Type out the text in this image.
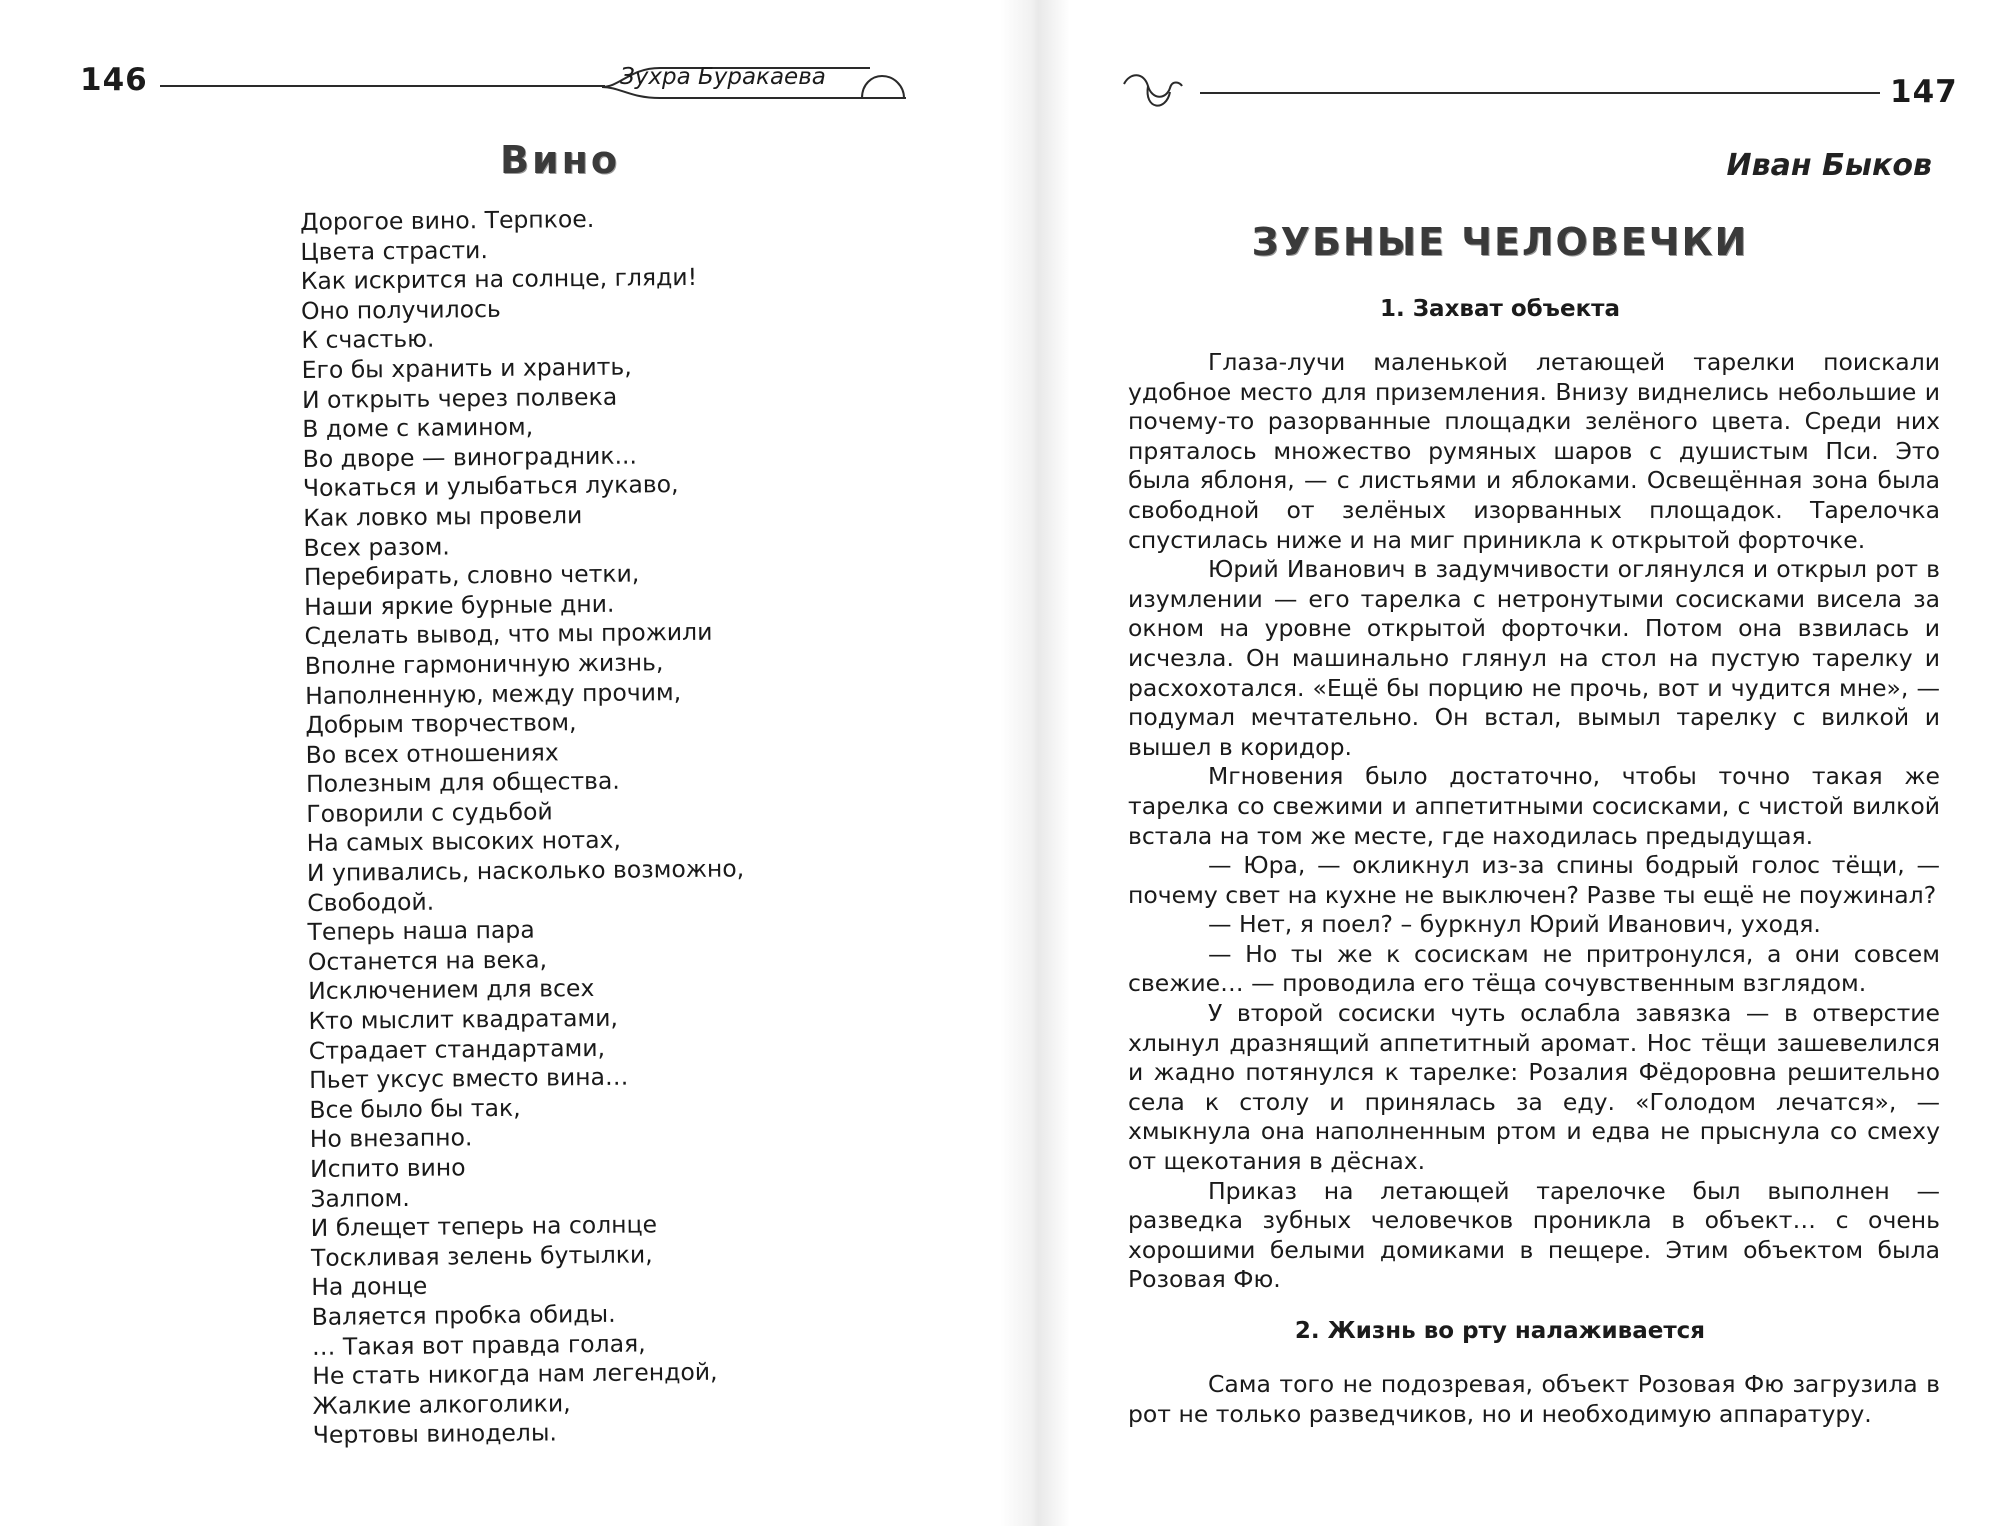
146	Зухра Буракаева
Вино
Дорогое вино. Терпкое.
Цвета страсти.
Как искрится на солнце, гляди!
Оно получилось
К счастью.
Его бы хранить и хранить,
И открыть через полвека
В доме с камином,
Во дворе — виноградник...
Чокаться и улыбаться лукаво,
Как ловко мы провели
Всех разом.
Перебирать, словно четки,
Наши яркие бурные дни.
Сделать вывод, что мы прожили
Вполне гармоничную жизнь,
Наполненную, между прочим,
Добрым творчеством,
Во всех отношениях
Полезным для общества.
Говорили с судьбой
На самых высоких нотах,
И упивались, насколько возможно,
Свободой.
Теперь наша пара
Останется на века,
Исключением для всех
Кто мыслит квадратами,
Страдает стандартами,
Пьет уксус вместо вина…
Все было бы так,
Но внезапно.
Испито вино
Залпом.
И блещет теперь на солнце
Тоскливая зелень бутылки,
На донце
Валяется пробка обиды.
… Такая вот правда голая,
Не стать никогда нам легендой,
Жалкие алкоголики,
Чертовы виноделы.
147
Иван Быков
ЗУБНЫЕ ЧЕЛОВЕЧКИ
1. Захват объекта

Глаза-лучи маленькой летающей тарелки поискали удобное место для приземления. Внизу виднелись небольшие и почему-то разорванные площадки зелёного цвета. Среди них пряталось множество румяных шаров с душистым Пси. Это была яблоня, — с листьями и яблоками. Освещённая зона была свободной от зелёных изорванных площадок. Тарелочка спустилась ниже и на миг приникла к открытой форточке.

Юрий Иванович в задумчивости оглянулся и открыл рот в изумлении — его тарелка с нетронутыми сосисками висела за окном на уровне открытой форточки. Потом она взвилась и исчезла. Он машинально глянул на стол на пустую тарелку и расхохотался. «Ещё бы порцию не прочь, вот и чудится мне», — подумал мечтательно. Он встал, вымыл тарелку с вилкой и вышел в коридор.

Мгновения было достаточно, чтобы точно такая же тарелка со свежими и аппетитными сосисками, с чистой вилкой встала на том же месте, где находилась предыдущая.

— Юра, — окликнул из-за спины бодрый голос тёщи, — почему свет на кухне не выключен? Разве ты ещё не поужинал?

— Нет, я поел? – буркнул Юрий Иванович, уходя.

— Но ты же к сосискам не притронулся, а они совсем свежие… — проводила его тёща сочувственным взглядом.

У второй сосиски чуть ослабла завязка — в отверстие хлынул дразнящий аппетитный аромат. Нос тёщи зашевелился и жадно потянулся к тарелке: Розалия Фёдоровна решительно села к столу и принялась за еду. «Голодом лечатся», — хмыкнула она наполненным ртом и едва не прыснула со смеху от щекотания в дёснах.

Приказ на летающей тарелочке был выполнен — разведка зубных человечков проникла в объект… с очень хорошими белыми домиками в пещере. Этим объектом была Розовая Фю.

2. Жизнь во рту налаживается

Сама того не подозревая, объект Розовая Фю загрузила в рот не только разведчиков, но и необходимую аппаратуру.
